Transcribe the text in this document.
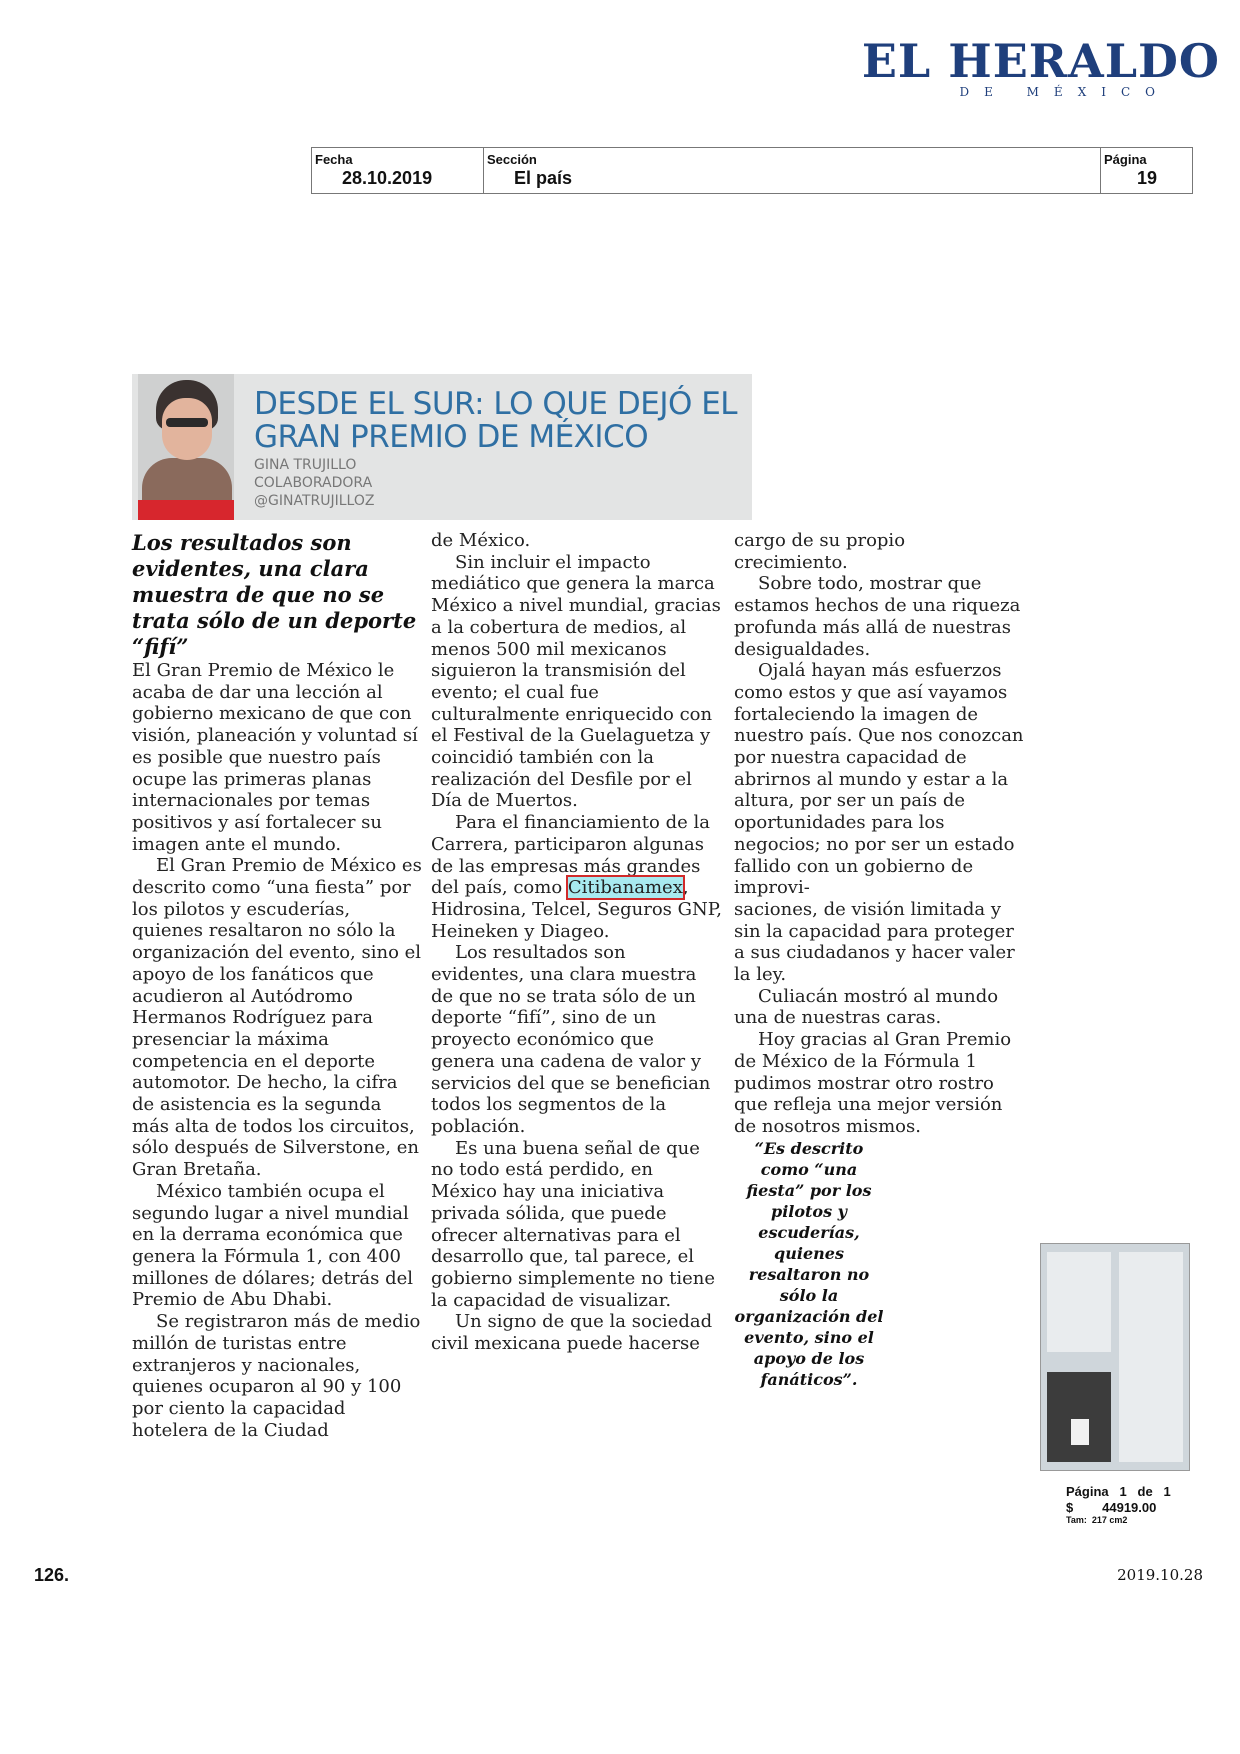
EL HERALDO
DE MÉXICO
Fecha
28.10.2019
Sección
El país
Página
19
DESDE EL SUR: LO QUE DEJÓ EL
GRAN PREMIO DE MÉXICO
GINA TRUJILLO
COLABORADORA
@GINATRUJILLOZ

Los resultados son evidentes, una clara muestra de que no se trata sólo de un deporte “fifí”

El Gran Premio de México le acaba de dar una lección al gobierno mexicano de que con visión, planeación y voluntad sí es posible que nuestro país ocupe las primeras planas internacionales por temas positivos y así fortalecer su imagen ante el mundo.

El Gran Premio de México es descrito como “una fiesta” por los pilotos y escuderías, quienes resaltaron no sólo la organización del evento, sino el apoyo de los fanáticos que acudieron al Autódromo Hermanos Rodríguez para presenciar la máxima competencia en el deporte automotor. De hecho, la cifra de asistencia es la segunda más alta de todos los circuitos, sólo después de Silverstone, en Gran Bretaña.

México también ocupa el segundo lugar a nivel mundial en la derrama económica que genera la Fórmula 1, con 400 millones de dólares; detrás del Premio de Abu Dhabi.

Se registraron más de medio millón de turistas entre extranjeros y nacionales, quienes ocuparon al 90 y 100 por ciento la capacidad hotelera de la Ciudad

de México.

Sin incluir el impacto mediático que genera la marca México a nivel mundial, gracias a la cobertura de medios, al menos 500 mil mexicanos siguieron la transmisión del evento; el cual fue culturalmente enriquecido con el Festival de la Guelaguetza y coincidió también con la realización del Desfile por el Día de Muertos.

Para el financiamiento de la Carrera, participaron algunas de las empresas más grandes del país, como Citibanamex, Hidrosina, Telcel, Seguros GNP, Heineken y Diageo.

Los resultados son evidentes, una clara muestra de que no se trata sólo de un deporte “fifí”, sino de un proyecto económico que genera una cadena de valor y servicios del que se benefician todos los segmentos de la población.

Es una buena señal de que no todo está perdido, en México hay una iniciativa privada sólida, que puede ofrecer alternativas para el desarrollo que, tal parece, el gobierno simplemente no tiene la capacidad de visualizar.

Un signo de que la sociedad civil mexicana puede hacerse

cargo de su propio crecimiento.

Sobre todo, mostrar que estamos hechos de una riqueza profunda más allá de nuestras desigualdades.

Ojalá hayan más esfuerzos como estos y que así vayamos fortaleciendo la imagen de nuestro país. Que nos conozcan por nuestra capacidad de abrirnos al mundo y estar a la altura, por ser un país de oportunidades para los negocios; no por ser un estado fallido con un gobierno de improvi-

saciones, de visión limitada y sin la capacidad para proteger a sus ciudadanos y hacer valer la ley.

Culiacán mostró al mundo una de nuestras caras.

Hoy gracias al Gran Premio de México de la Fórmula 1 pudimos mostrar otro rostro que refleja una mejor versión de nosotros mismos.

“Es descrito como “una fiesta” por los pilotos y escuderías, quienes resaltaron no sólo la organización del evento, sino el apoyo de los fanáticos”.

Página   1   de   1
$        44919.00
Tam:  217 cm2
126.	2019.10.28
